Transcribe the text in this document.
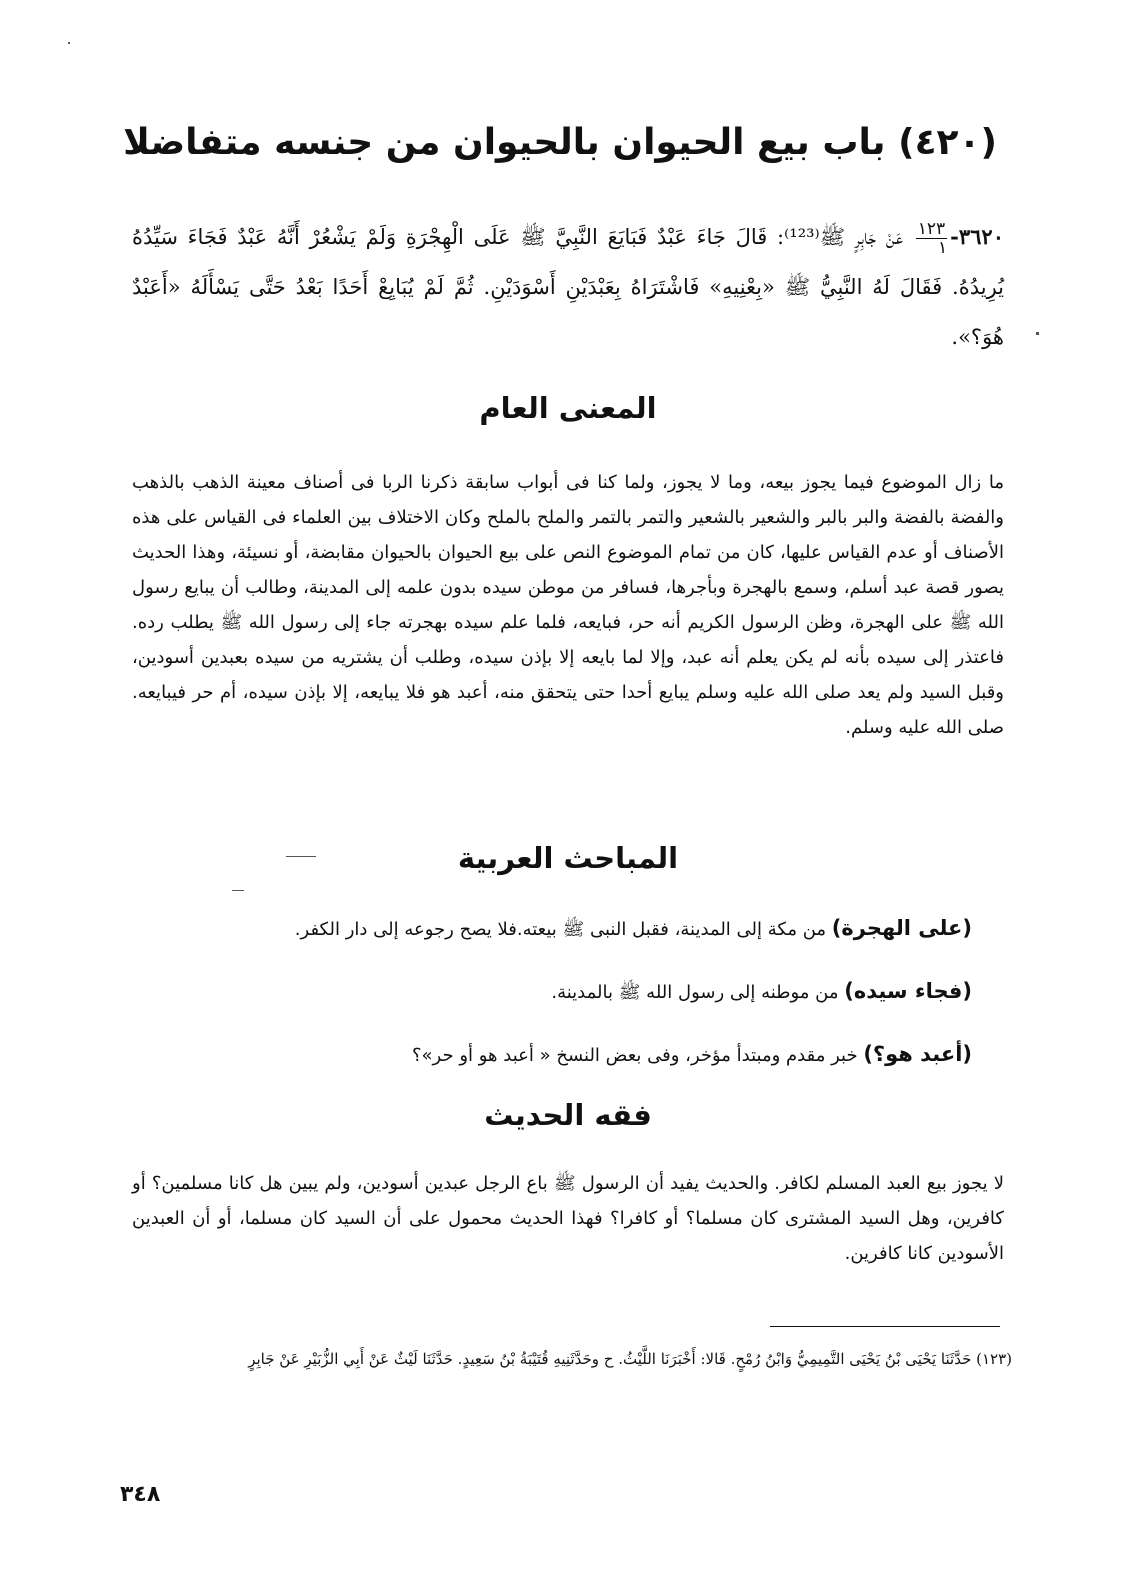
(٤٢٠) باب بيع الحيوان بالحيوان من جنسه متفاضلا
٣٦٢٠-
$\frac{١٢٣}{١}$
عَنْ جَابِرٍ ﷺ⁽¹²³⁾: قَالَ جَاءَ عَبْدٌ فَبَايَعَ النَّبِيَّ ﷺ عَلَى الْهِجْرَةِ وَلَمْ يَشْعُرْ أَنَّهُ عَبْدٌ فَجَاءَ سَيِّدُهُ يُرِيدُهُ. فَقَالَ لَهُ النَّبِيُّ ﷺ «بِعْنِيهِ» فَاشْتَرَاهُ بِعَبْدَيْنِ أَسْوَدَيْنِ. ثُمَّ لَمْ يُبَايِعْ أَحَدًا بَعْدُ حَتَّى يَسْأَلَهُ «أَعَبْدٌ هُوَ؟».
المعنى العام
ما زال الموضوع فيما يجوز بيعه، وما لا يجوز، ولما كنا فى أبواب سابقة ذكرنا الربا فى أصناف معينة الذهب بالذهب والفضة بالفضة والبر بالبر والشعير بالشعير والتمر بالتمر والملح بالملح وكان الاختلاف بين العلماء فى القياس على هذه الأصناف أو عدم القياس عليها، كان من تمام الموضوع النص على بيع الحيوان بالحيوان مقابضة، أو نسيئة، وهذا الحديث يصور قصة عبد أسلم، وسمع بالهجرة وبأجرها، فسافر من موطن سيده بدون علمه إلى المدينة، وطالب أن يبايع رسول الله ﷺ على الهجرة، وظن الرسول الكريم أنه حر، فبايعه، فلما علم سيده بهجرته جاء إلى رسول الله ﷺ يطلب رده. فاعتذر إلى سيده بأنه لم يكن يعلم أنه عبد، وإلا لما بايعه إلا بإذن سيده، وطلب أن يشتريه من سيده بعبدين أسودين، وقبل السيد ولم يعد صلى الله عليه وسلم يبايع أحدا حتى يتحقق منه، أعبد هو فلا يبايعه، إلا بإذن سيده، أم حر فيبايعه. صلى الله عليه وسلم.
المباحث العربية
(على الهجرة) من مكة إلى المدينة، فقبل النبى ﷺ بيعته.فلا يصح رجوعه إلى دار الكفر.
(فجاء سيده) من موطنه إلى رسول الله ﷺ بالمدينة.
(أعبد هو؟) خبر مقدم ومبتدأ مؤخر، وفى بعض النسخ « أعبد هو أو حر»؟
فقه الحديث
لا يجوز بيع العبد المسلم لكافر. والحديث يفيد أن الرسول ﷺ باع الرجل عبدين أسودين، ولم يبين هل كانا مسلمين؟ أو كافرين، وهل السيد المشترى كان مسلما؟ أو كافرا؟ فهذا الحديث محمول على أن السيد كان مسلما، أو أن العبدين الأسودين كانا كافرين.
(١٢٣) حَدَّثَنَا يَحْيَى بْنُ يَحْيَى التَّمِيمِيُّ وَابْنُ رُمْحٍ. قَالا: أَخْبَرَنَا اللَّيْثُ. ح وحَدَّثَنِيهِ قُتَيْبَةُ بْنُ سَعِيدٍ. حَدَّثَنَا لَيْثٌ عَنْ أَبِي الزُّبَيْرِ عَنْ جَابِرٍ
٣٤٨
